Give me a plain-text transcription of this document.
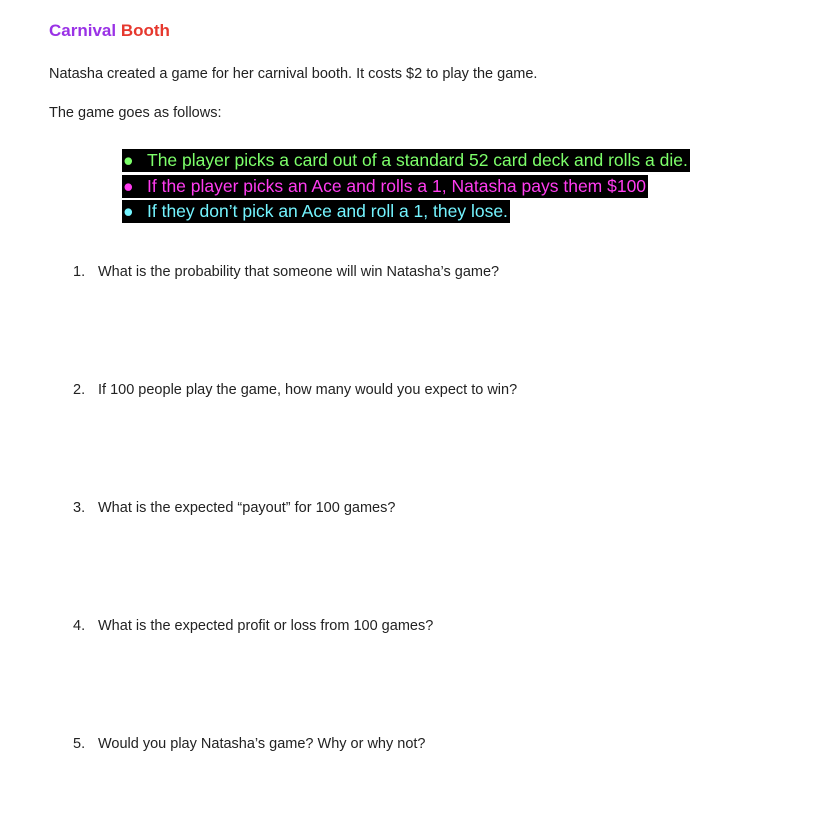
Carnival Booth

Natasha created a game for her carnival booth. It costs $2 to play the game.

The game goes as follows:

● The player picks a card out of a standard 52 card deck and rolls a die.
● If the player picks an Ace and rolls a 1, Natasha pays them $100
● If they don’t pick an Ace and roll a 1, they lose.
1. What is the probability that someone will win Natasha’s game?
2. If 100 people play the game, how many would you expect to win?
3. What is the expected “payout” for 100 games?
4. What is the expected profit or loss from 100 games?
5. Would you play Natasha’s game? Why or why not?
